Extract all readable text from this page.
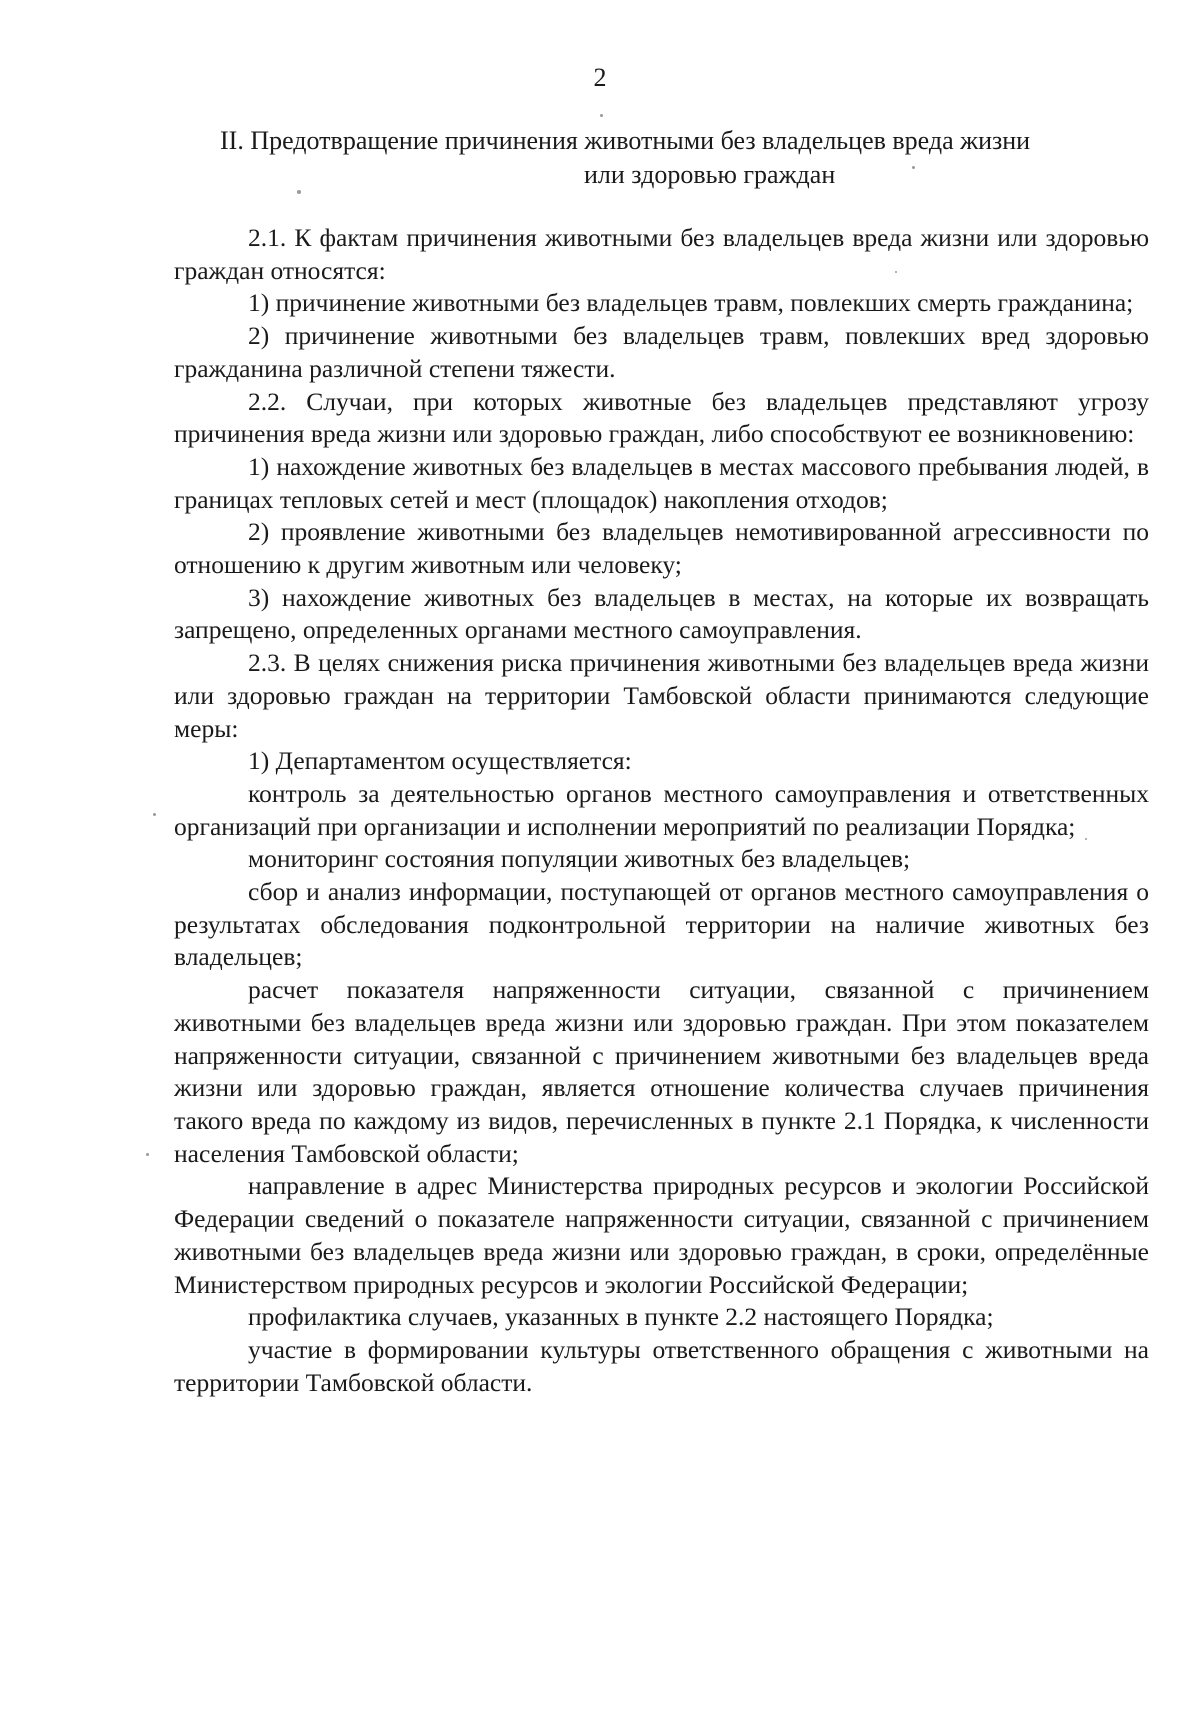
2
II. Предотвращение причинения животными без владельцев вреда жизни
или здоровью граждан

2.1. К фактам причинения животными без владельцев вреда жизни или здоровью граждан относятся:

1) причинение животными без владельцев травм, повлекших смерть гражданина;

2) причинение животными без владельцев травм, повлекших вред здоровью гражданина различной степени тяжести.

2.2. Случаи, при которых животные без владельцев представляют угрозу причинения вреда жизни или здоровью граждан, либо способствуют ее возникновению:

1) нахождение животных без владельцев в местах массового пребывания людей, в границах тепловых сетей и мест (площадок) накопления отходов;

2) проявление животными без владельцев немотивированной агрессивности по отношению к другим животным или человеку;

3) нахождение животных без владельцев в местах, на которые их возвращать запрещено, определенных органами местного самоуправления.

2.3. В целях снижения риска причинения животными без владельцев вреда жизни или здоровью граждан на территории Тамбовской области принимаются следующие меры:

1) Департаментом осуществляется:

контроль за деятельностью органов местного самоуправления и ответственных организаций при организации и исполнении мероприятий по реализации Порядка;

мониторинг состояния популяции животных без владельцев;

сбор и анализ информации, поступающей от органов местного самоуправления о результатах обследования подконтрольной территории на наличие животных без владельцев;

расчет показателя напряженности ситуации, связанной с причинением животными без владельцев вреда жизни или здоровью граждан. При этом показателем напряженности ситуации, связанной с причинением животными без владельцев вреда жизни или здоровью граждан, является отношение количества случаев причинения такого вреда по каждому из видов, перечисленных в пункте 2.1 Порядка, к численности населения Тамбовской области;

направление в адрес Министерства природных ресурсов и экологии Российской Федерации сведений о показателе напряженности ситуации, связанной с причинением животными без владельцев вреда жизни или здоровью граждан, в сроки, определённые Министерством природных ресурсов и экологии Российской Федерации;

профилактика случаев, указанных в пункте 2.2 настоящего Порядка;

участие в формировании культуры ответственного обращения с животными на территории Тамбовской области.
